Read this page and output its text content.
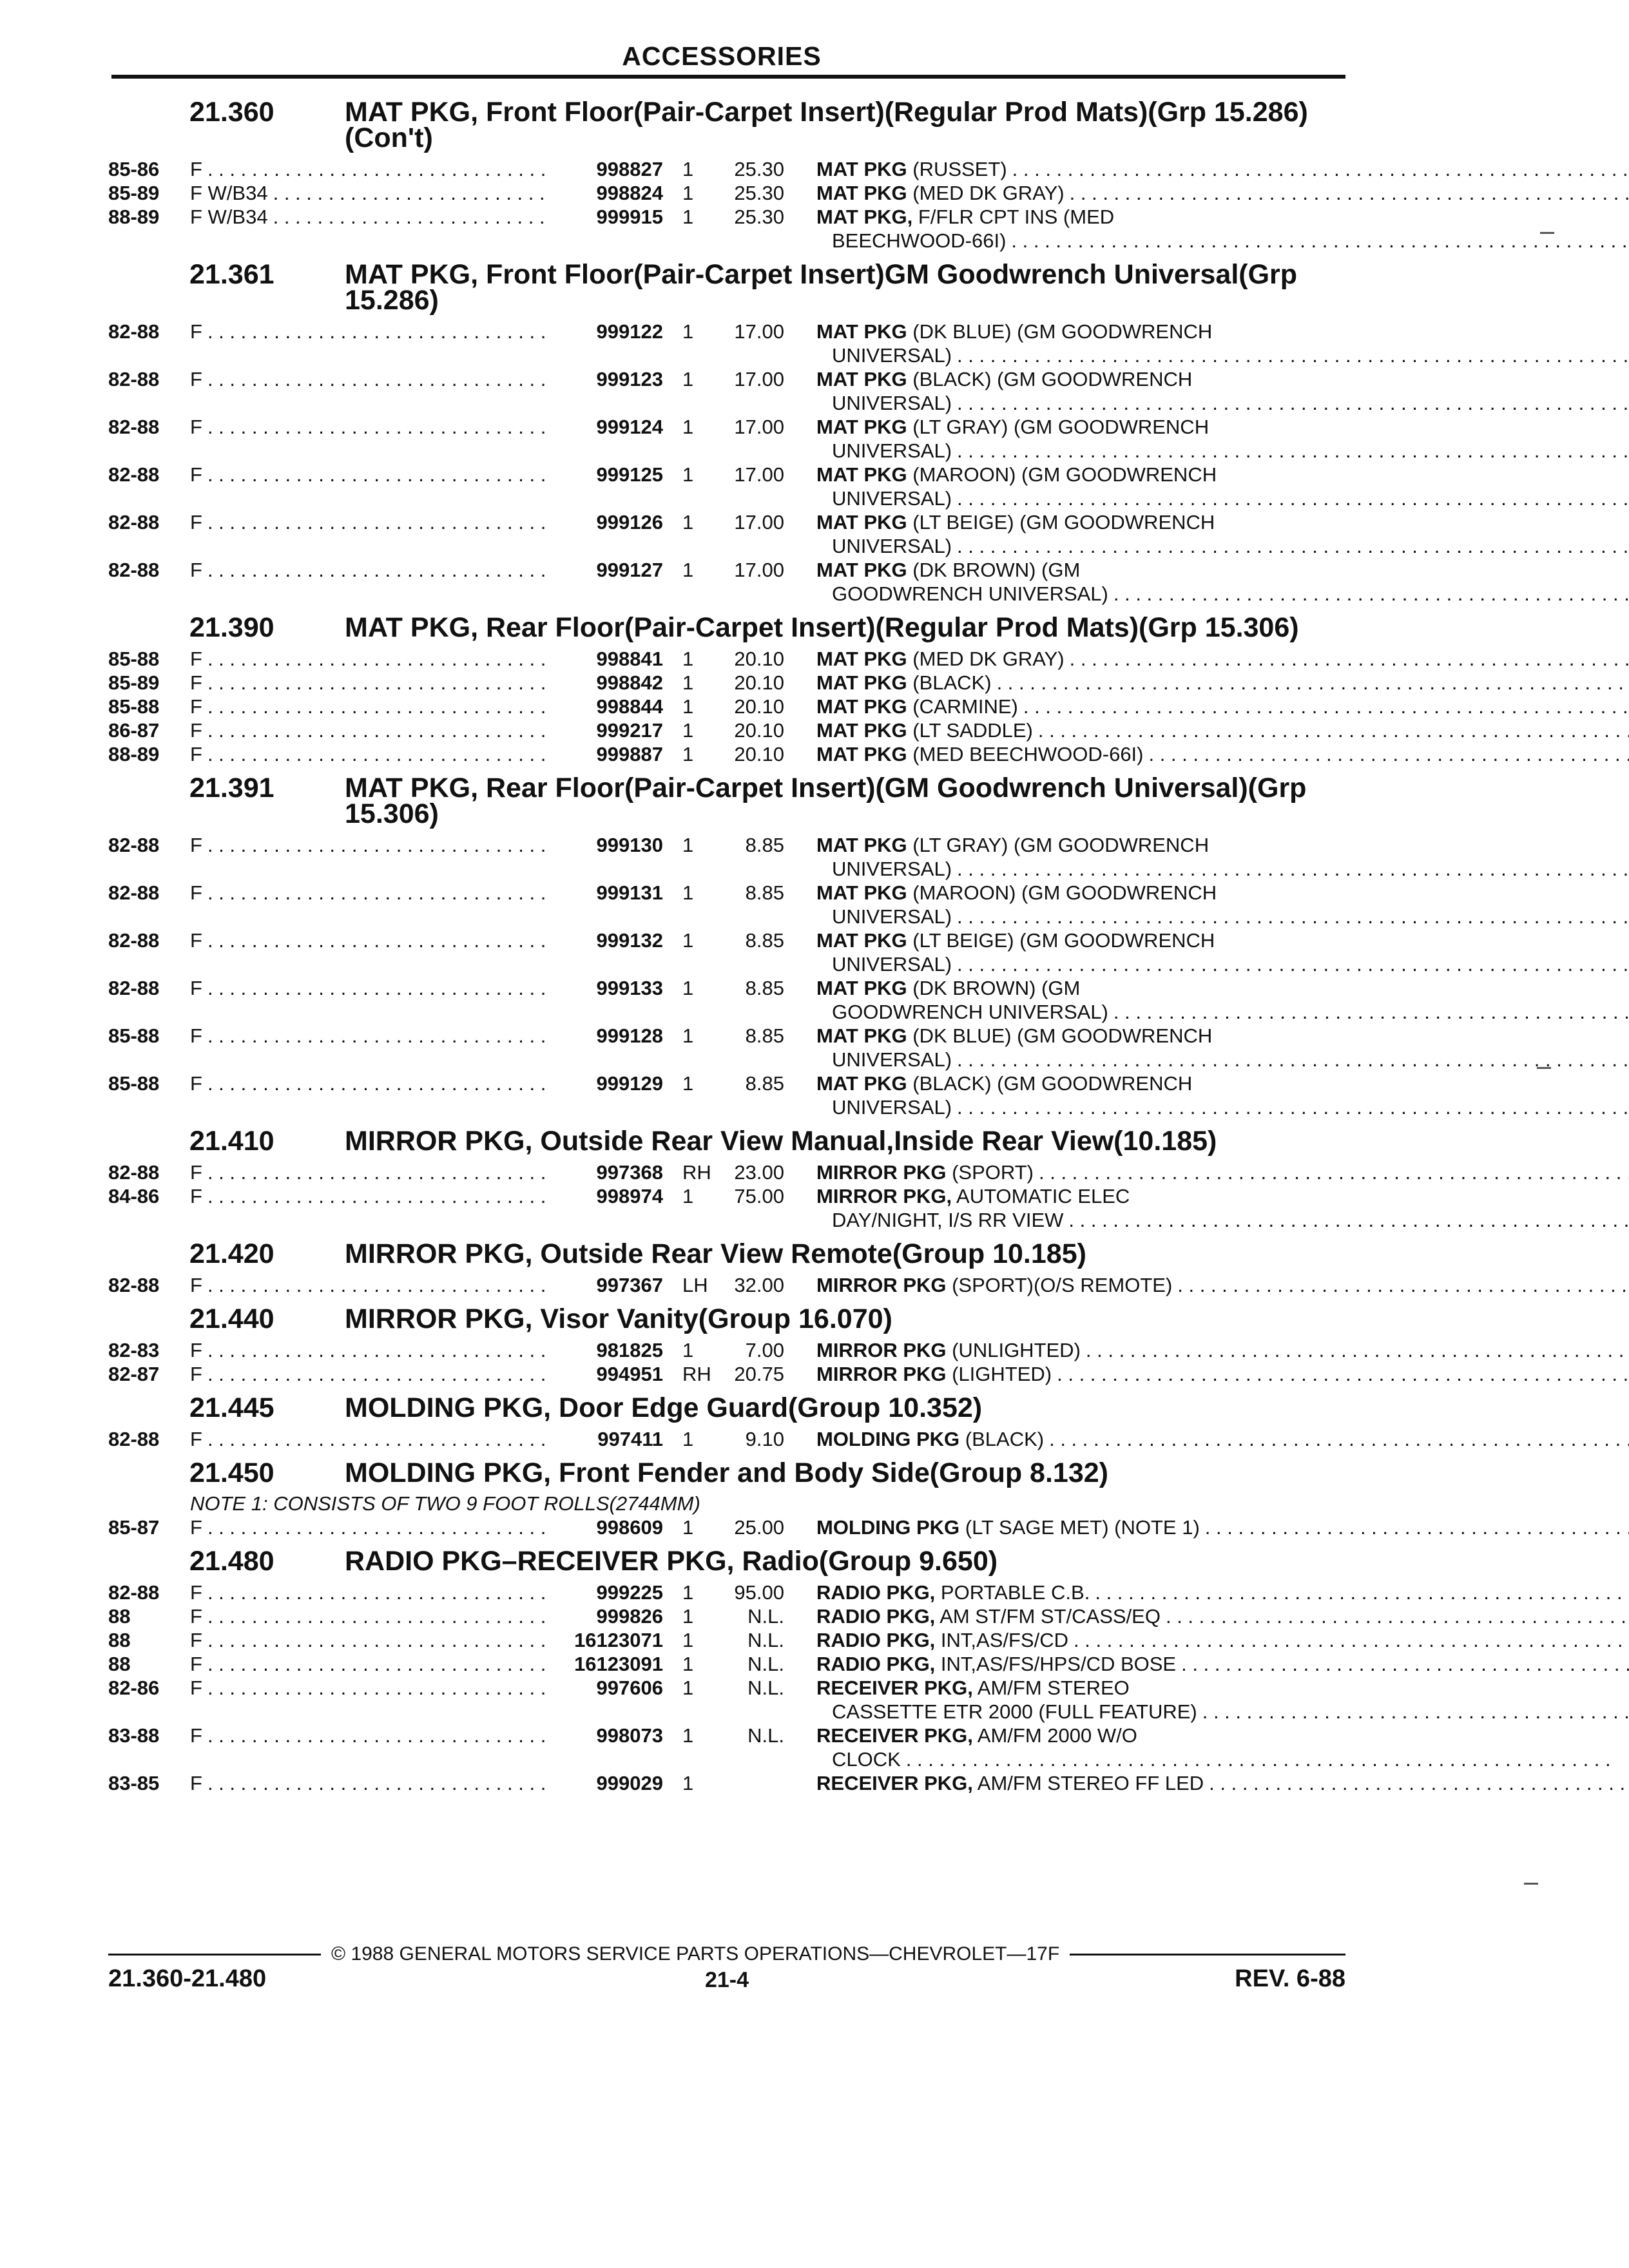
ACCESSORIES
21.360	MAT PKG, Front Floor(Pair-Carpet Insert)(Regular Prod Mats)(Grp 15.286) (Con't)
85-86	F . . .	998827 1	25.30 MAT PKG (RUSSET)
. . .
85-89	F W/B34 . . .	998824 1	25.30 MAT PKG (MED DK GRAY)
. . .
88-89	F W/B34 . . .	999915 1	25.30 MAT PKG, F/FLR CPT INS (MED
BEECHWOOD-66I)
. . .
21.361	MAT PKG, Front Floor(Pair-Carpet Insert)GM Goodwrench Universal(Grp 15.286)
82-88	F . . .	999122 1	17.00 MAT PKG (DK BLUE) (GM GOODWRENCH
UNIVERSAL)
. . .
82-88	F . . .	999123 1	17.00 MAT PKG (BLACK) (GM GOODWRENCH
UNIVERSAL)
. . .
82-88	F . . .	999124 1	17.00 MAT PKG (LT GRAY) (GM GOODWRENCH
UNIVERSAL)
. . .
82-88	F . . .	999125 1	17.00 MAT PKG (MAROON) (GM GOODWRENCH
UNIVERSAL)
. . .
82-88	F . . .	999126 1	17.00 MAT PKG (LT BEIGE) (GM GOODWRENCH
UNIVERSAL)
. . .
82-88	F . . .	999127 1	17.00 MAT PKG (DK BROWN) (GM
GOODWRENCH UNIVERSAL)
. . .
21.390	MAT PKG, Rear Floor(Pair-Carpet Insert)(Regular Prod Mats)(Grp 15.306)
85-88	F . . .	998841 1	20.10 MAT PKG (MED DK GRAY)
. . .
85-89	F . . .	998842 1	20.10 MAT PKG (BLACK)
. . .
85-88	F . . .	998844 1	20.10 MAT PKG (CARMINE)
. . .
86-87	F . . .	999217 1	20.10 MAT PKG (LT SADDLE)
. . .
88-89	F . . .	999887 1	20.10 MAT PKG (MED BEECHWOOD-66I)
. . .
21.391	MAT PKG, Rear Floor(Pair-Carpet Insert)(GM Goodwrench Universal)(Grp 15.306)
82-88	F . . .	999130 1	8.85 MAT PKG (LT GRAY) (GM GOODWRENCH
UNIVERSAL)
. . .
82-88	F . . .	999131 1	8.85 MAT PKG (MAROON) (GM GOODWRENCH
UNIVERSAL)
. . .
82-88	F . . .	999132 1	8.85 MAT PKG (LT BEIGE) (GM GOODWRENCH
UNIVERSAL)
. . .
82-88	F . . .	999133 1	8.85 MAT PKG (DK BROWN) (GM
GOODWRENCH UNIVERSAL)
. . .
85-88	F . . .	999128 1	8.85 MAT PKG (DK BLUE) (GM GOODWRENCH
UNIVERSAL)
. . .
85-88	F . . .	999129 1	8.85 MAT PKG (BLACK) (GM GOODWRENCH
UNIVERSAL)
. . .
21.410	MIRROR PKG, Outside Rear View Manual,Inside Rear View(10.185)
82-88	F . . .	997368 RH	23.00 MIRROR PKG (SPORT)
. . .
84-86	F . . .	998974 1	75.00 MIRROR PKG, AUTOMATIC ELEC
DAY/NIGHT, I/S RR VIEW
. . .
21.420	MIRROR PKG, Outside Rear View Remote(Group 10.185)
82-88	F . . .	997367 LH	32.00 MIRROR PKG (SPORT)(O/S REMOTE)
. . .
21.440	MIRROR PKG, Visor Vanity(Group 16.070)
82-83	F . . .	981825 1	7.00 MIRROR PKG (UNLIGHTED)
. . .
82-87	F . . .	994951 RH	20.75 MIRROR PKG (LIGHTED)
. . .
21.445	MOLDING PKG, Door Edge Guard(Group 10.352)
82-88	F . . .	997411 1	9.10 MOLDING PKG (BLACK)
. . .
21.450	MOLDING PKG, Front Fender and Body Side(Group 8.132)
NOTE 1: CONSISTS OF TWO 9 FOOT ROLLS(2744MM)
85-87	F . . .	998609 1	25.00 MOLDING PKG (LT SAGE MET) (NOTE 1)
. . .
21.480	RADIO PKG–RECEIVER PKG, Radio(Group 9.650)
82-88	F . . .	999225 1	95.00 RADIO PKG, PORTABLE C.B.
. . .
88	F . . .	999826 1	N.L. RADIO PKG, AM ST/FM ST/CASS/EQ
. . .
88	F . . .	16123071 1	N.L. RADIO PKG, INT,AS/FS/CD
. . .
88	F . . .	16123091 1	N.L. RADIO PKG, INT,AS/FS/HPS/CD BOSE
. . .
82-86	F . . .	997606 1	N.L. RECEIVER PKG, AM/FM STEREO
CASSETTE ETR 2000 (FULL FEATURE)
. . .
83-88	F . . .	998073 1	N.L. RECEIVER PKG, AM/FM 2000 W/O
CLOCK
. . .
83-85	F . . .	999029 1	RECEIVER PKG, AM/FM STEREO FF LED
. . .
© 1988 GENERAL MOTORS SERVICE PARTS OPERATIONS—CHEVROLET—17F
21.360-21.480	21-4	REV. 6-88
